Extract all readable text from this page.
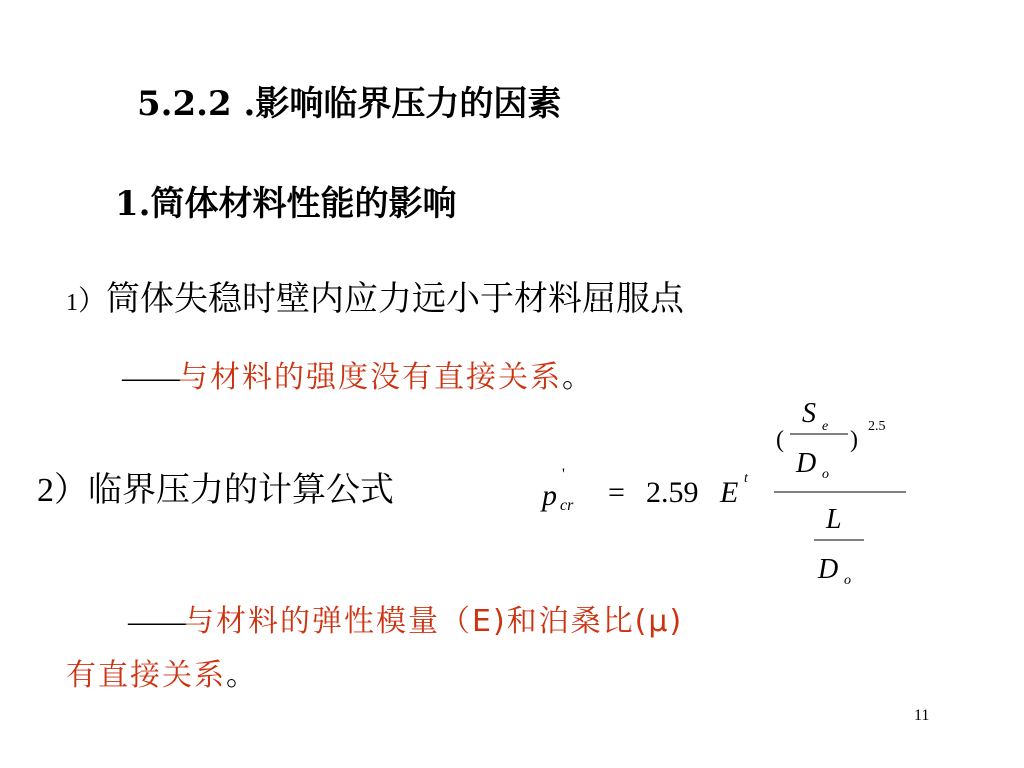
5.2.2 .影响临界压力的因素
1.筒体材料性能的影响
1）筒体失稳时壁内应力远小于材料屈服点
——与材料的强度没有直接关系。
2）临界压力的计算公式	p
'
cr = 2.59 E t
(
S e
D o
)
2.5
L
D o
——与材料的弹性模量（E)和泊桑比(μ)
有直接关系。
11
